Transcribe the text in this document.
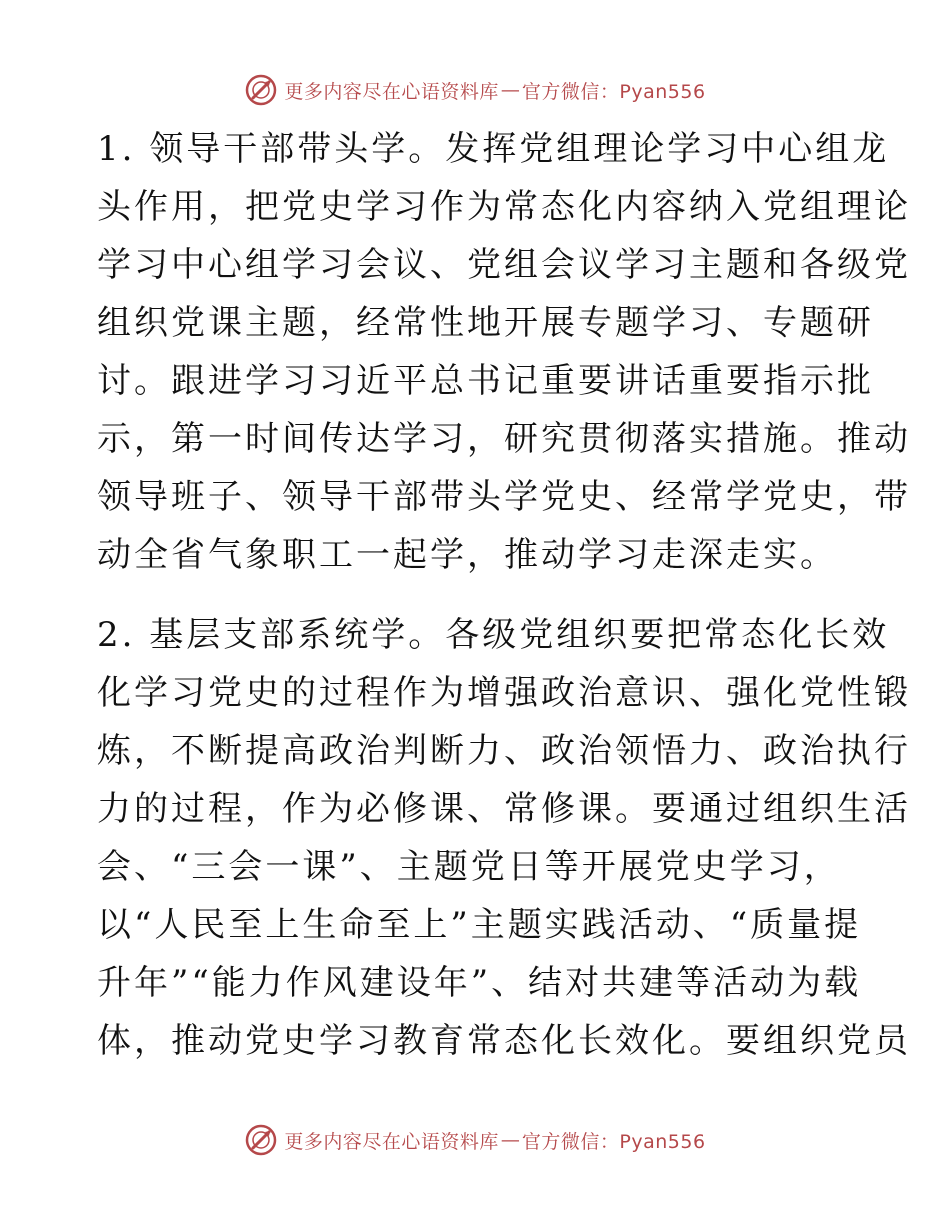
更多内容尽在心语资料库 — 官方微信：Pyan556
1. 领导干部带头学。发挥党组理论学习中心组龙
头作用，把党史学习作为常态化内容纳入党组理论
学习中心组学习会议、党组会议学习主题和各级党
组织党课主题，经常性地开展专题学习、专题研
讨。跟进学习习近平总书记重要讲话重要指示批
示，第一时间传达学习，研究贯彻落实措施。推动
领导班子、领导干部带头学党史、经常学党史，带
动全省气象职工一起学，推动学习走深走实。
2. 基层支部系统学。各级党组织要把常态化长效
化学习党史的过程作为增强政治意识、强化党性锻
炼，不断提高政治判断力、政治领悟力、政治执行
力的过程，作为必修课、常修课。要通过组织生活
会、“三会一课”、主题党日等开展党史学习，
以“人民至上生命至上”主题实践活动、“质量提
升年”“能力作风建设年”、结对共建等活动为载
体，推动党史学习教育常态化长效化。要组织党员
更多内容尽在心语资料库 — 官方微信：Pyan556
